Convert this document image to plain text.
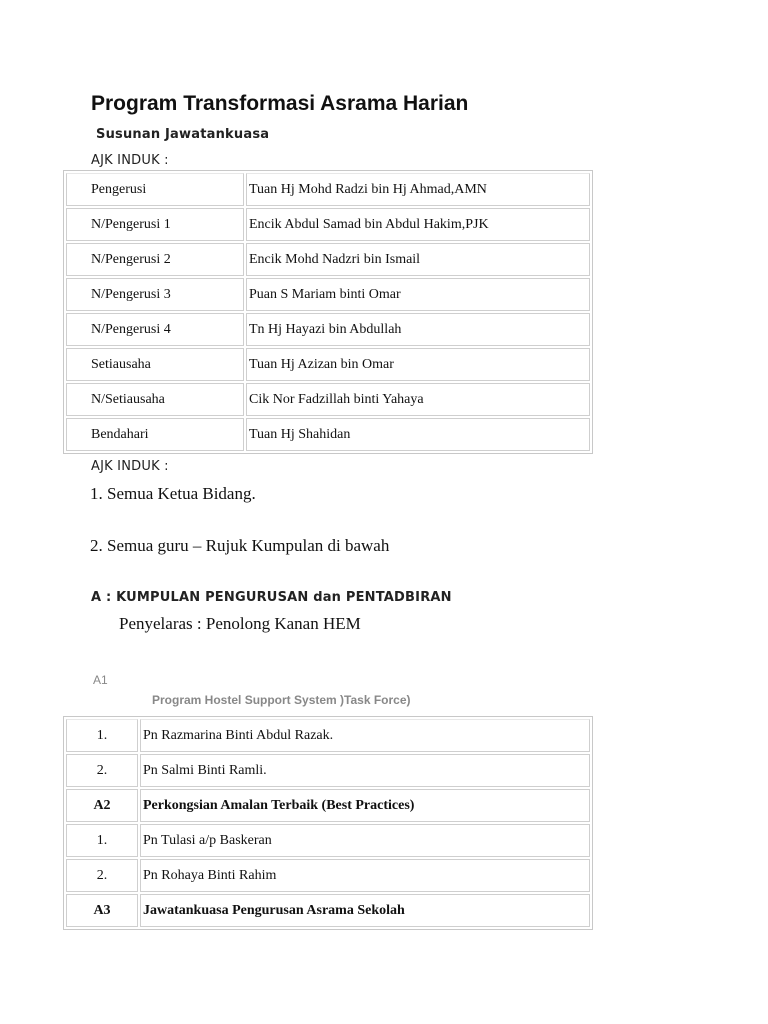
Program Transformasi Asrama Harian
Susunan Jawatankuasa
AJK INDUK :
Pengerusi	Tuan Hj Mohd Radzi bin Hj Ahmad,AMN
N/Pengerusi 1	Encik Abdul Samad bin Abdul Hakim,PJK
N/Pengerusi 2	Encik Mohd Nadzri bin Ismail
N/Pengerusi 3	Puan S Mariam binti Omar
N/Pengerusi 4	Tn Hj Hayazi bin Abdullah
Setiausaha	Tuan Hj Azizan bin Omar
N/Setiausaha	Cik Nor Fadzillah binti Yahaya
Bendahari	Tuan Hj Shahidan
AJK INDUK :
1. Semua Ketua Bidang.
2. Semua guru – Rujuk Kumpulan di bawah
A : KUMPULAN PENGURUSAN dan PENTADBIRAN
Penyelaras : Penolong Kanan HEM
A1
Program Hostel Support System )Task Force)
1.	Pn Razmarina Binti Abdul Razak.
2.	Pn Salmi Binti Ramli.
A2	Perkongsian Amalan Terbaik (Best Practices)
1.	Pn Tulasi a/p Baskeran
2.	Pn Rohaya Binti Rahim
A3	Jawatankuasa Pengurusan Asrama Sekolah
